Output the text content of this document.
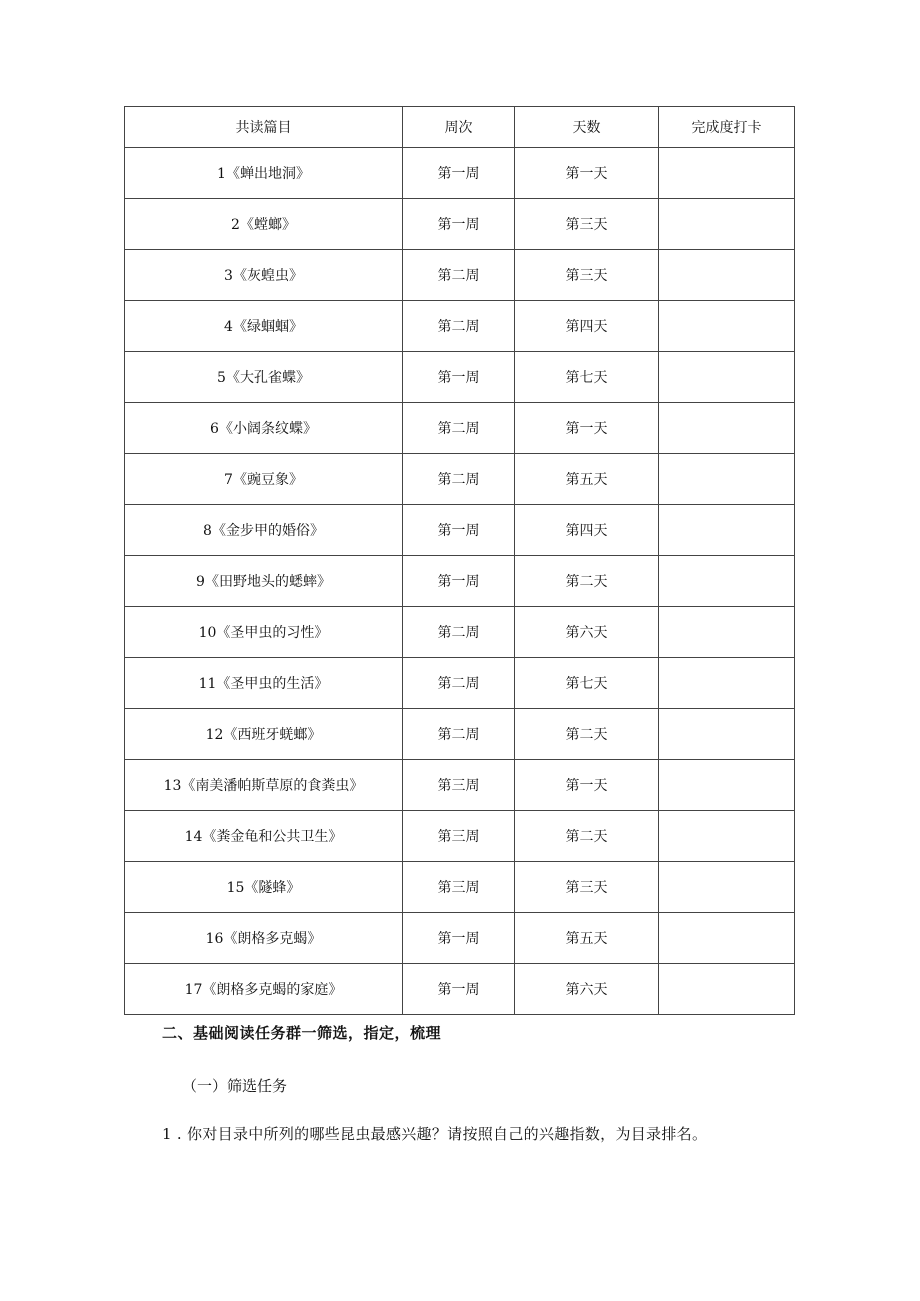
共读篇目	周次	天数	完成度打卡
1《蝉出地洞》	第一周	第一天	
2《螳螂》	第一周	第三天	
3《灰蝗虫》	第二周	第三天	
4《绿蝈蝈》	第二周	第四天	
5《大孔雀蝶》	第一周	第七天	
6《小阔条纹蝶》	第二周	第一天	
7《豌豆象》	第二周	第五天	
8《金步甲的婚俗》	第一周	第四天	
9《田野地头的蟋蟀》	第一周	第二天	
10《圣甲虫的习性》	第二周	第六天	
11《圣甲虫的生活》	第二周	第七天	
12《西班牙蜣螂》	第二周	第二天	
13《南美潘帕斯草原的食粪虫》	第三周	第一天	
14《粪金龟和公共卫生》	第三周	第二天	
15《隧蜂》	第三周	第三天	
16《朗格多克蝎》	第一周	第五天	
17《朗格多克蝎的家庭》	第一周	第六天	
二、基础阅读任务群一筛选，指定，梳理
（一）筛选任务
1 . 你对目录中所列的哪些昆虫最感兴趣？请按照自己的兴趣指数，为目录排名。
